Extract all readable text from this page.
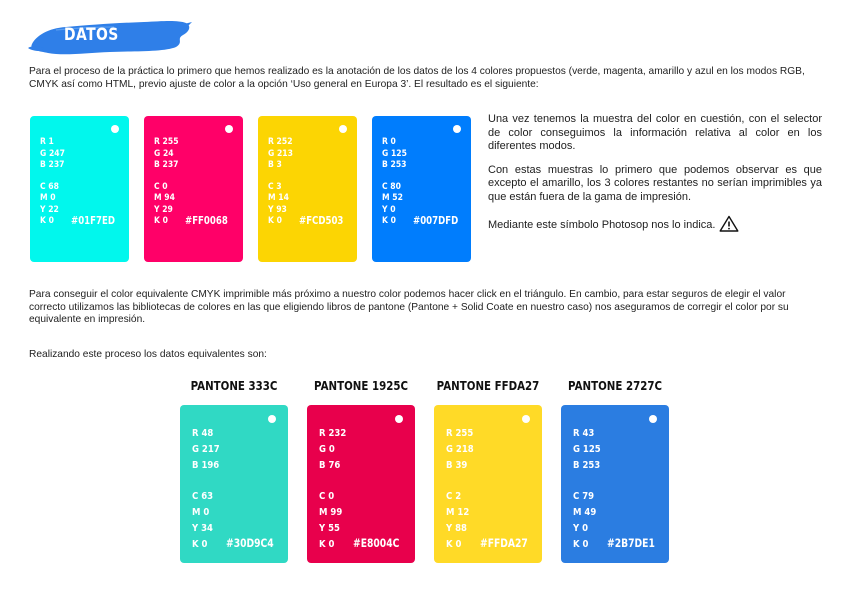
DATOS
Para el proceso de la práctica lo primero que hemos realizado es la anotación de los datos de los 4 colores propuestos (verde, magenta, amarillo y azul en los modos RGB, CMYK así como HTML, previo ajuste de color a la opción ‘Uso general en Europa 3’. El resultado es el siguiente:

Una vez tenemos la muestra del color en cuestión, con el selector de color conseguimos la información relativa al color en los diferentes modos.

Con estas muestras lo primero que podemos observar es que excepto el amarillo, los 3 colores restantes no serían imprimibles ya que están fuera de la gama de impresión.

Mediante este símbolo Photosop nos lo indica.

Para conseguir el color equivalente CMYK imprimible más próximo a nuestro color podemos hacer click en el triángulo. En cambio, para estar seguros de elegir el valor correcto utilizamos las bibliotecas de colores en las que eligiendo libros de pantone (Pantone + Solid Coate en nuestro caso) nos aseguramos de corregir el color por su equivalente en impresión.
Realizando este proceso los datos equivalentes son:
R 1
G 247
B 237
C 68
M 0
Y 22
K 0 #01F7ED
R 255
G 24
B 237
C 0
M 94
Y 29
K 0 #FF0068
R 252
G 213
B 3
C 3
M 14
Y 93
K 0 #FCD503
R 0
G 125
B 253
C 80
M 52
Y 0
K 0 #007DFD
R 48
G 217
B 196
C 63
M 0
Y 34
K 0 #30D9C4
PANTONE 333C
R 232
G 0
B 76
C 0
M 99
Y 55
K 0 #E8004C
PANTONE 1925C
R 255
G 218
B 39
C 2
M 12
Y 88
K 0 #FFDA27
PANTONE FFDA27
R 43
G 125
B 253
C 79
M 49
Y 0
K 0 #2B7DE1
PANTONE 2727C
